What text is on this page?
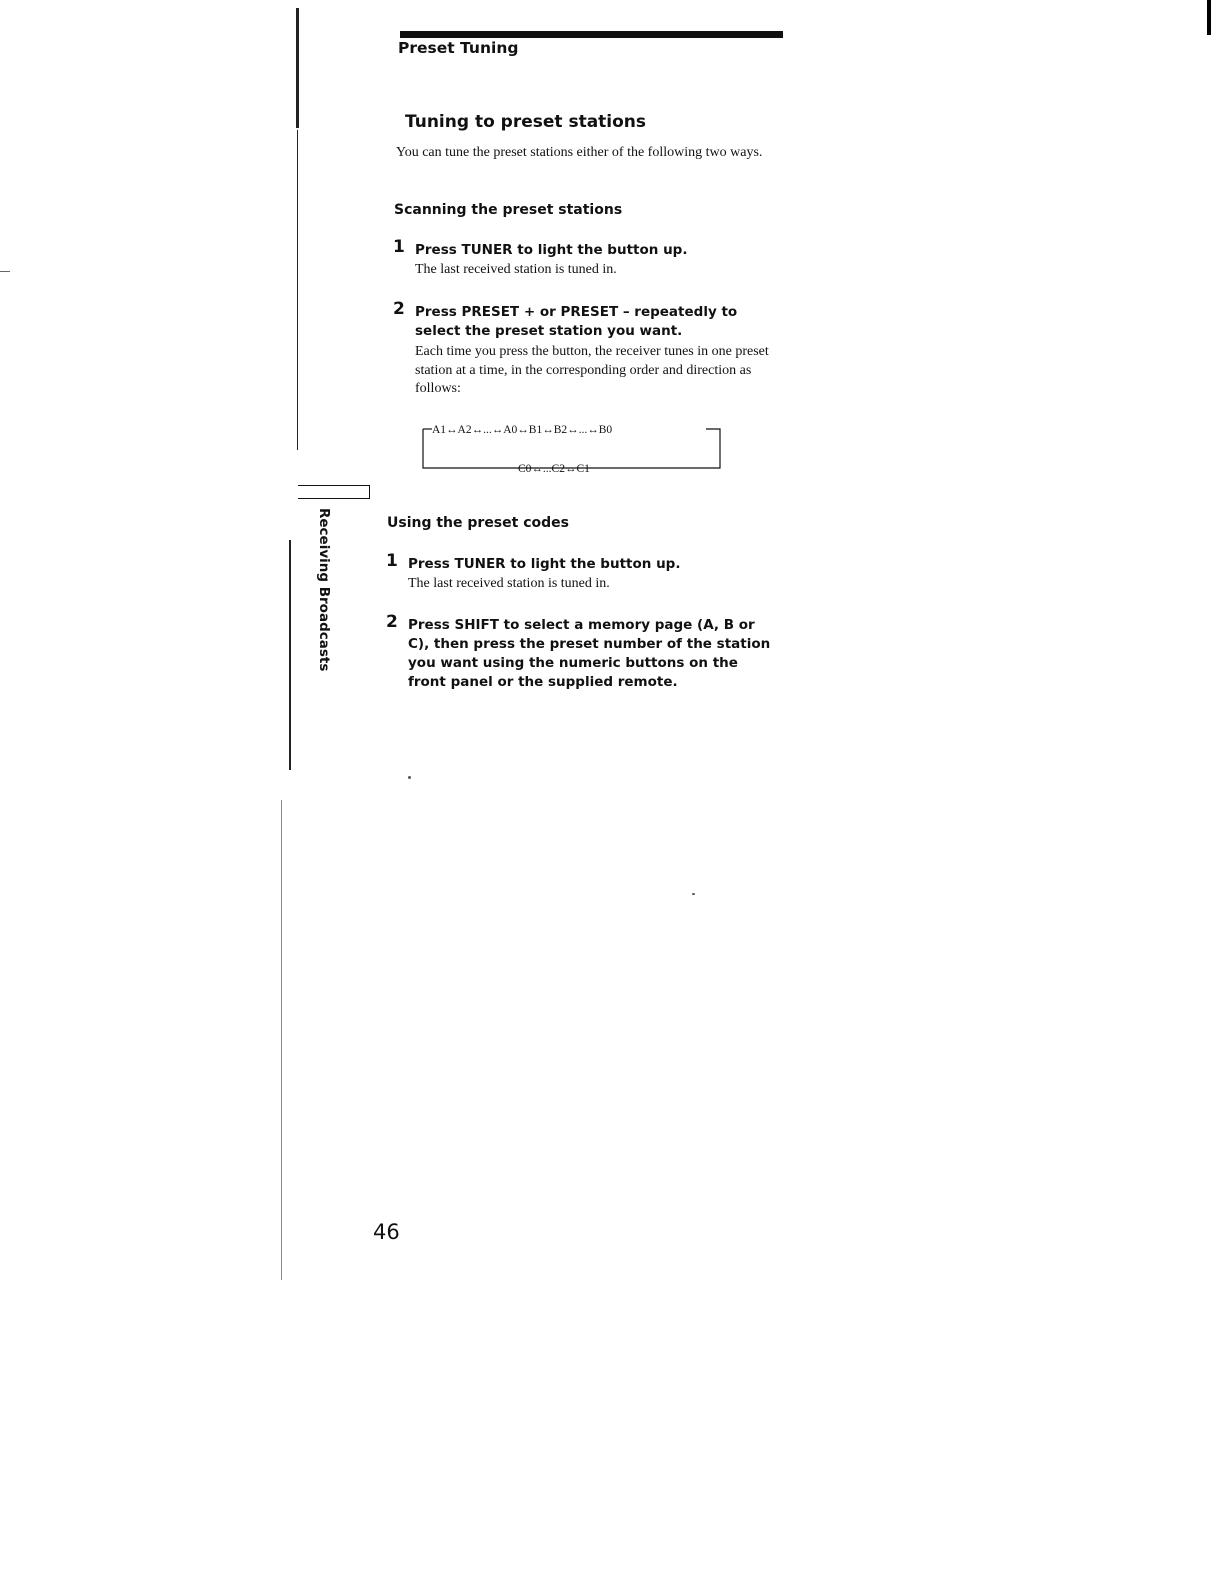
Preset Tuning
Tuning to preset stations
You can tune the preset stations either of the following two ways.
Scanning the preset stations
1 Press TUNER to light the button up.
The last received station is tuned in.
2 Press PRESET + or PRESET – repeatedly to select the preset station you want.
Each time you press the button, the receiver tunes in one preset station at a time, in the corresponding order and direction as follows:
A1↔A2↔...↔A0↔B1↔B2↔...↔B0
C0↔...C2↔C1
Receiving Broadcasts	Using the preset codes
1 Press TUNER to light the button up.
The last received station is tuned in.
2 Press SHIFT to select a memory page (A, B or C), then press the preset number of the station you want using the numeric buttons on the front panel or the supplied remote.
46
